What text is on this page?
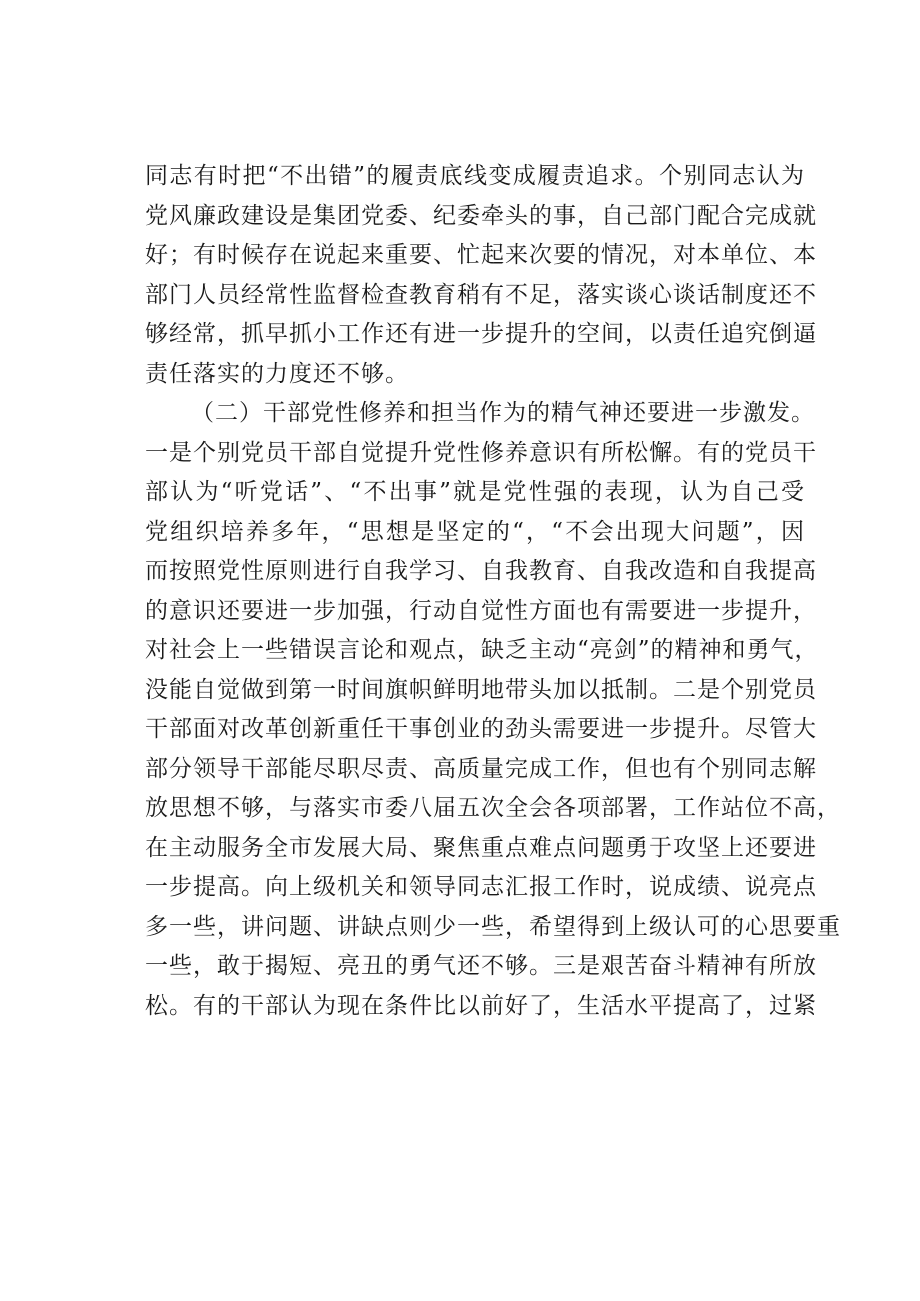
同志有时把“不出错”的履责底线变成履责追求。个别同志认为
党风廉政建设是集团党委、纪委牵头的事，自己部门配合完成就
好；有时候存在说起来重要、忙起来次要的情况，对本单位、本
部门人员经常性监督检查教育稍有不足，落实谈心谈话制度还不
够经常，抓早抓小工作还有进一步提升的空间，以责任追究倒逼
责任落实的力度还不够。
（二）干部党性修养和担当作为的精气神还要进一步激发。
一是个别党员干部自觉提升党性修养意识有所松懈。有的党员干
部认为“听党话”、“不出事”就是党性强的表现，认为自己受
党组织培养多年，“思想是坚定的“，“不会出现大问题”，因
而按照党性原则进行自我学习、自我教育、自我改造和自我提高
的意识还要进一步加强，行动自觉性方面也有需要进一步提升，
对社会上一些错误言论和观点，缺乏主动“亮剑”的精神和勇气，
没能自觉做到第一时间旗帜鲜明地带头加以抵制。二是个别党员
干部面对改革创新重任干事创业的劲头需要进一步提升。尽管大
部分领导干部能尽职尽责、高质量完成工作，但也有个别同志解
放思想不够，与落实市委八届五次全会各项部署，工作站位不高，
在主动服务全市发展大局、聚焦重点难点问题勇于攻坚上还要进
一步提高。向上级机关和领导同志汇报工作时，说成绩、说亮点
多一些，讲问题、讲缺点则少一些，希望得到上级认可的心思要重
一些，敢于揭短、亮丑的勇气还不够。三是艰苦奋斗精神有所放
松。有的干部认为现在条件比以前好了，生活水平提高了，过紧
